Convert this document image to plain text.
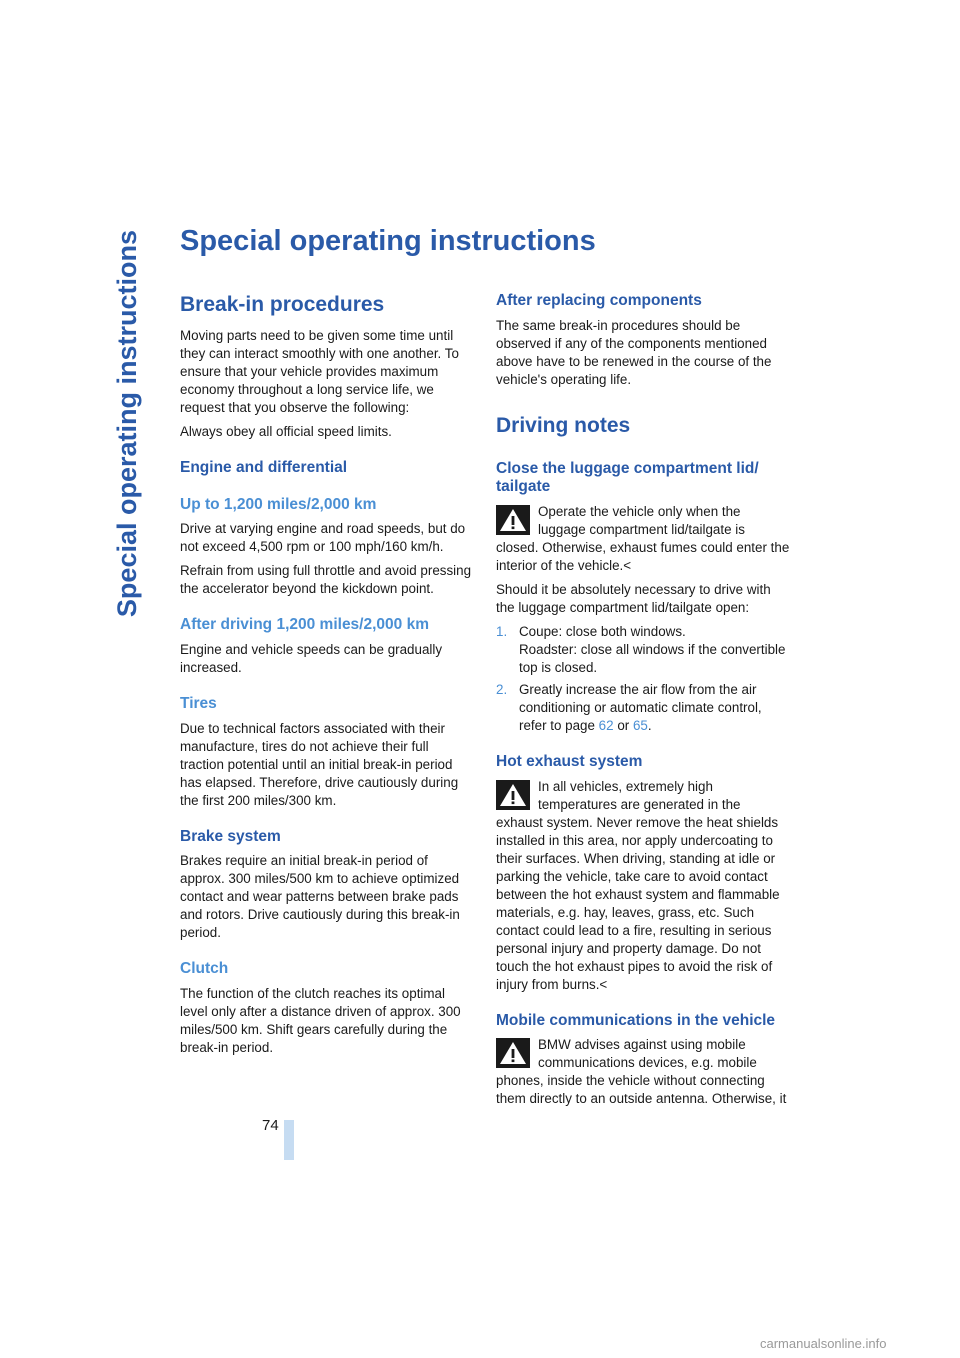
Special operating instructions
74
Special operating instructions
Break-in procedures

Moving parts need to be given some time until they can interact smoothly with one another. To ensure that your vehicle provides maximum economy throughout a long service life, we request that you observe the following:

Always obey all official speed limits.

Engine and differential
Up to 1,200 miles/2,000 km

Drive at varying engine and road speeds, but do not exceed 4,500 rpm or 100 mph/160 km/h.

Refrain from using full throttle and avoid pressing the accelerator beyond the kickdown point.

After driving 1,200 miles/2,000 km

Engine and vehicle speeds can be gradually increased.

Tires

Due to technical factors associated with their manufacture, tires do not achieve their full traction potential until an initial break-in period has elapsed. Therefore, drive cautiously during the first 200 miles/300 km.

Brake system

Brakes require an initial break-in period of approx. 300 miles/500 km to achieve optimized contact and wear patterns between brake pads and rotors. Drive cautiously during this break-in period.

Clutch

The function of the clutch reaches its optimal level only after a distance driven of approx. 300 miles/500 km. Shift gears carefully during the break-in period.

After replacing components

The same break-in procedures should be observed if any of the components mentioned above have to be renewed in the course of the vehicle's operating life.

Driving notes
Close the luggage compartment lid/ tailgate

Operate the vehicle only when the luggage compartment lid/tailgate is closed. Otherwise, exhaust fumes could enter the interior of the vehicle.<

Should it be absolutely necessary to drive with the luggage compartment lid/tailgate open:

1. Coupe: close both windows.
Roadster: close all windows if the convertible top is closed.
2. Greatly increase the air flow from the air conditioning or automatic climate control, refer to page 62 or 65.
Hot exhaust system

In all vehicles, extremely high temperatures are generated in the exhaust system. Never remove the heat shields installed in this area, nor apply undercoating to their surfaces. When driving, standing at idle or parking the vehicle, take care to avoid contact between the hot exhaust system and flammable materials, e.g. hay, leaves, grass, etc. Such contact could lead to a fire, resulting in serious personal injury and property damage. Do not touch the hot exhaust pipes to avoid the risk of injury from burns.<

Mobile communications in the vehicle

BMW advises against using mobile communications devices, e.g. mobile phones, inside the vehicle without connecting them directly to an outside antenna. Otherwise, it

carmanualsonline.info
